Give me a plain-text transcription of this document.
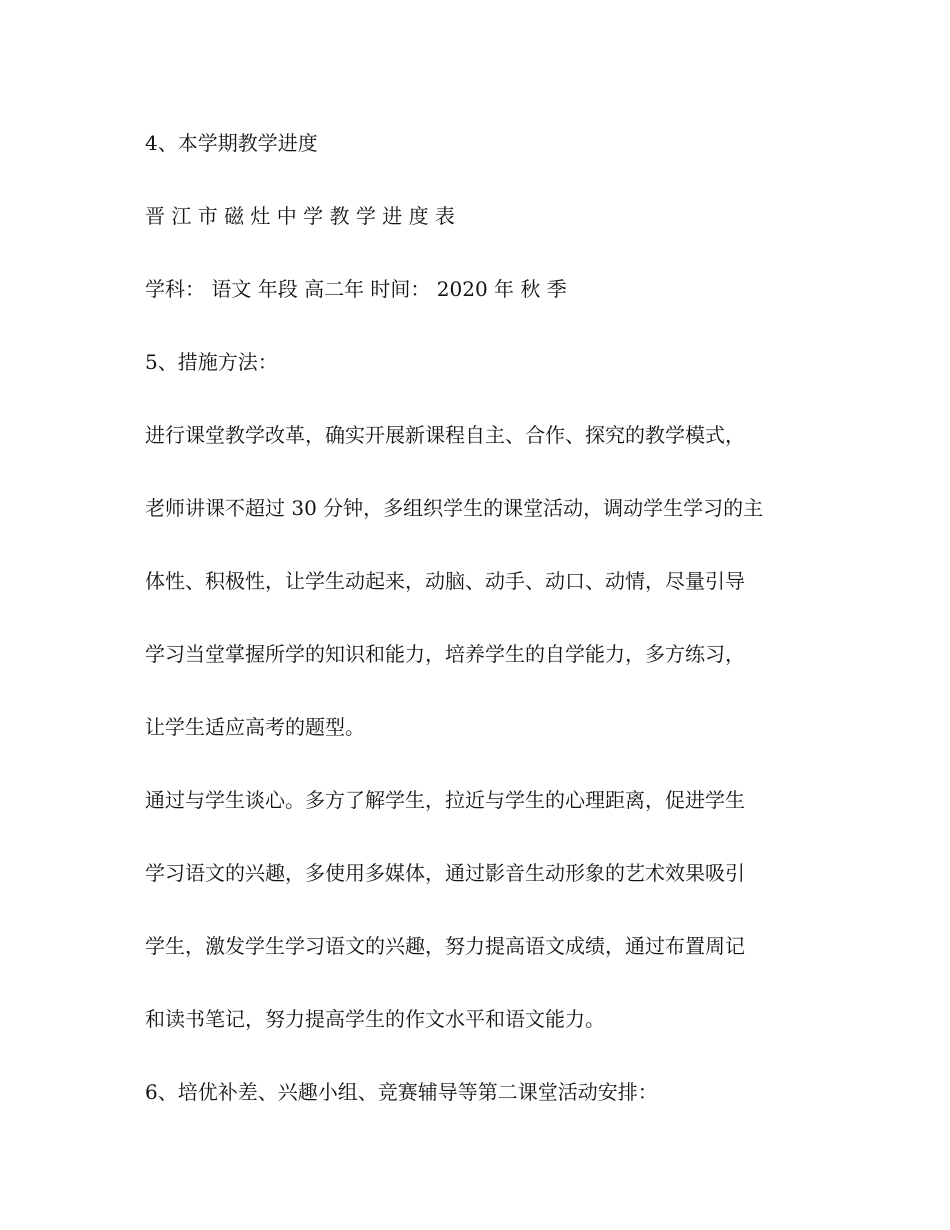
4、本学期教学进度

晋 江 市 磁 灶 中 学 教 学 进 度 表

学科： 语文 年段 高二年 时间： 2020 年 秋 季

5、措施方法：

进行课堂教学改革，确实开展新课程自主、合作、探究的教学模式，

老师讲课不超过 30 分钟，多组织学生的课堂活动，调动学生学习的主

体性、积极性，让学生动起来，动脑、动手、动口、动情，尽量引导

学习当堂掌握所学的知识和能力，培养学生的自学能力，多方练习，

让学生适应高考的题型。

通过与学生谈心。多方了解学生，拉近与学生的心理距离，促进学生

学习语文的兴趣，多使用多媒体，通过影音生动形象的艺术效果吸引

学生，激发学生学习语文的兴趣，努力提高语文成绩，通过布置周记

和读书笔记，努力提高学生的作文水平和语文能力。

6、培优补差、兴趣小组、竞赛辅导等第二课堂活动安排：
